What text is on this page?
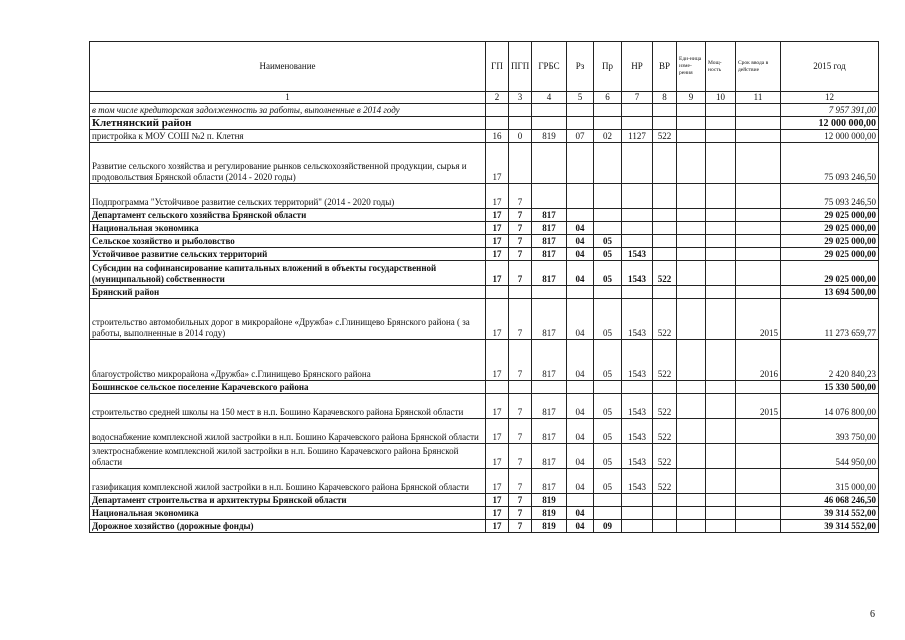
Наименование	ГП	ПГП	ГРБС	Рз	Пр	НР	ВР	Еди-ница изме-рения	Мощ-ность	Срок ввода в действие	2015 год
1	2	3	4	5	6	7	8	9	10	11	12
в том числе кредиторская задолженность за работы, выполненные в 2014 году											7 957 391,00
Клетнянский район											12 000 000,00
пристройка к МОУ СОШ №2 п. Клетня	16	0	819	07	02	1127	522				12 000 000,00
Развитие сельского хозяйства и регулирование рынков сельскохозяйственной продукции, сырья и продовольствия Брянской области (2014 - 2020 годы)	17										75 093 246,50
Подпрограмма "Устойчивое развитие сельских территорий" (2014 - 2020 годы)	17	7									75 093 246,50
Департамент сельского хозяйства Брянской области	17	7	817								29 025 000,00
Национальная экономика	17	7	817	04							29 025 000,00
Сельское хозяйство и рыболовство	17	7	817	04	05						29 025 000,00
Устойчивое развитие сельских территорий	17	7	817	04	05	1543					29 025 000,00
Субсидии на софинансирование капитальных вложений в объекты государственной (муниципальной) собственности	17	7	817	04	05	1543	522				29 025 000,00
Брянский район											13 694 500,00
строительство автомобильных дорог в микрорайоне «Дружба» с.Глинищево Брянского района ( за работы, выполненные в 2014 году)	17	7	817	04	05	1543	522			2015	11 273 659,77
благоустройство микрорайона «Дружба» с.Глинищево Брянского района	17	7	817	04	05	1543	522			2016	2 420 840,23
Бошинское сельское поселение Карачевского района											15 330 500,00
строительство средней школы на 150 мест в н.п. Бошино Карачевского района Брянской области	17	7	817	04	05	1543	522			2015	14 076 800,00
водоснабжение комплексной жилой застройки в н.п. Бошино Карачевского района Брянской области	17	7	817	04	05	1543	522				393 750,00
электроснабжение комплексной жилой застройки в н.п. Бошино Карачевского района Брянской области	17	7	817	04	05	1543	522				544 950,00
газификация комплексной жилой застройки в н.п. Бошино Карачевского района Брянской области	17	7	817	04	05	1543	522				315 000,00
Департамент строительства и архитектуры Брянской области	17	7	819								46 068 246,50
Национальная экономика	17	7	819	04							39 314 552,00
Дорожное хозяйство (дорожные фонды)	17	7	819	04	09						39 314 552,00
6
